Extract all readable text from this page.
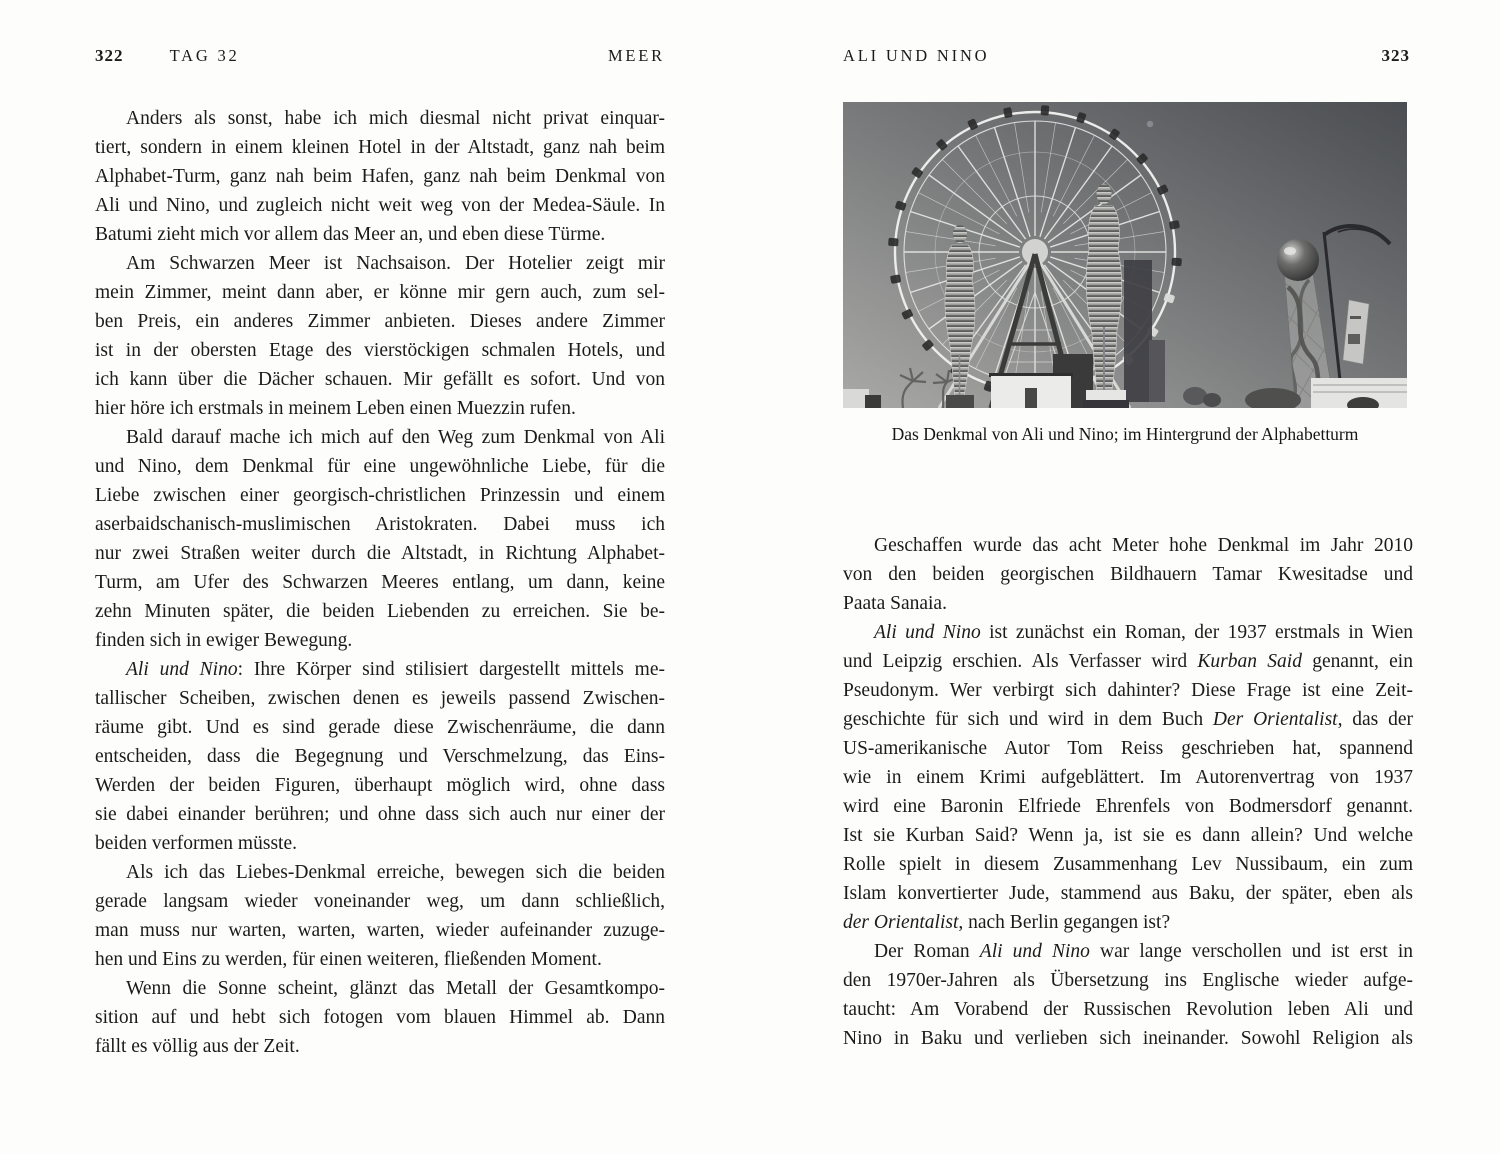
322	TAG 32	MEER	ALI UND NINO	323
Anders als sonst, habe ich mich diesmal nicht privat einquar-
tiert, sondern in einem kleinen Hotel in der Altstadt, ganz nah beim
Alphabet-Turm, ganz nah beim Hafen, ganz nah beim Denkmal von
Ali und Nino, und zugleich nicht weit weg von der Medea-Säule. In
Batumi zieht mich vor allem das Meer an, und eben diese Türme.
Am Schwarzen Meer ist Nachsaison. Der Hotelier zeigt mir
mein Zimmer, meint dann aber, er könne mir gern auch, zum sel-
ben Preis, ein anderes Zimmer anbieten. Dieses andere Zimmer
ist in der obersten Etage des vierstöckigen schmalen Hotels, und
ich kann über die Dächer schauen. Mir gefällt es sofort. Und von
hier höre ich erstmals in meinem Leben einen Muezzin rufen.
Bald darauf mache ich mich auf den Weg zum Denkmal von Ali
und Nino, dem Denkmal für eine ungewöhnliche Liebe, für die
Liebe zwischen einer georgisch-christlichen Prinzessin und einem
aserbaidschanisch-muslimischen Aristokraten. Dabei muss ich
nur zwei Straßen weiter durch die Altstadt, in Richtung Alphabet-
Turm, am Ufer des Schwarzen Meeres entlang, um dann, keine
zehn Minuten später, die beiden Liebenden zu erreichen. Sie be-
finden sich in ewiger Bewegung.
Ali und Nino: Ihre Körper sind stilisiert dargestellt mittels me-
tallischer Scheiben, zwischen denen es jeweils passend Zwischen-
räume gibt. Und es sind gerade diese Zwischenräume, die dann
entscheiden, dass die Begegnung und Verschmelzung, das Eins-
Werden der beiden Figuren, überhaupt möglich wird, ohne dass
sie dabei einander berühren; und ohne dass sich auch nur einer der
beiden verformen müsste.
Als ich das Liebes-Denkmal erreiche, bewegen sich die beiden
gerade langsam wieder voneinander weg, um dann schließlich,
man muss nur warten, warten, warten, wieder aufeinander zuzuge-
hen und Eins zu werden, für einen weiteren, fließenden Moment.
Wenn die Sonne scheint, glänzt das Metall der Gesamtkompo-
sition auf und hebt sich fotogen vom blauen Himmel ab. Dann
fällt es völlig aus der Zeit.
Das Denkmal von Ali und Nino; im Hintergrund der Alphabetturm
Geschaffen wurde das acht Meter hohe Denkmal im Jahr 2010
von den beiden georgischen Bildhauern Tamar Kwesitadse und
Paata Sanaia.
Ali und Nino ist zunächst ein Roman, der 1937 erstmals in Wien
und Leipzig erschien. Als Verfasser wird Kurban Said genannt, ein
Pseudonym. Wer verbirgt sich dahinter? Diese Frage ist eine Zeit-
geschichte für sich und wird in dem Buch Der Orientalist, das der
US-amerikanische Autor Tom Reiss geschrieben hat, spannend
wie in einem Krimi aufgeblättert. Im Autorenvertrag von 1937
wird eine Baronin Elfriede Ehrenfels von Bodmersdorf genannt.
Ist sie Kurban Said? Wenn ja, ist sie es dann allein? Und welche
Rolle spielt in diesem Zusammenhang Lev Nussibaum, ein zum
Islam konvertierter Jude, stammend aus Baku, der später, eben als
der Orientalist, nach Berlin gegangen ist?
Der Roman Ali und Nino war lange verschollen und ist erst in
den 1970er-Jahren als Übersetzung ins Englische wieder aufge-
taucht: Am Vorabend der Russischen Revolution leben Ali und
Nino in Baku und verlieben sich ineinander. Sowohl Religion als
